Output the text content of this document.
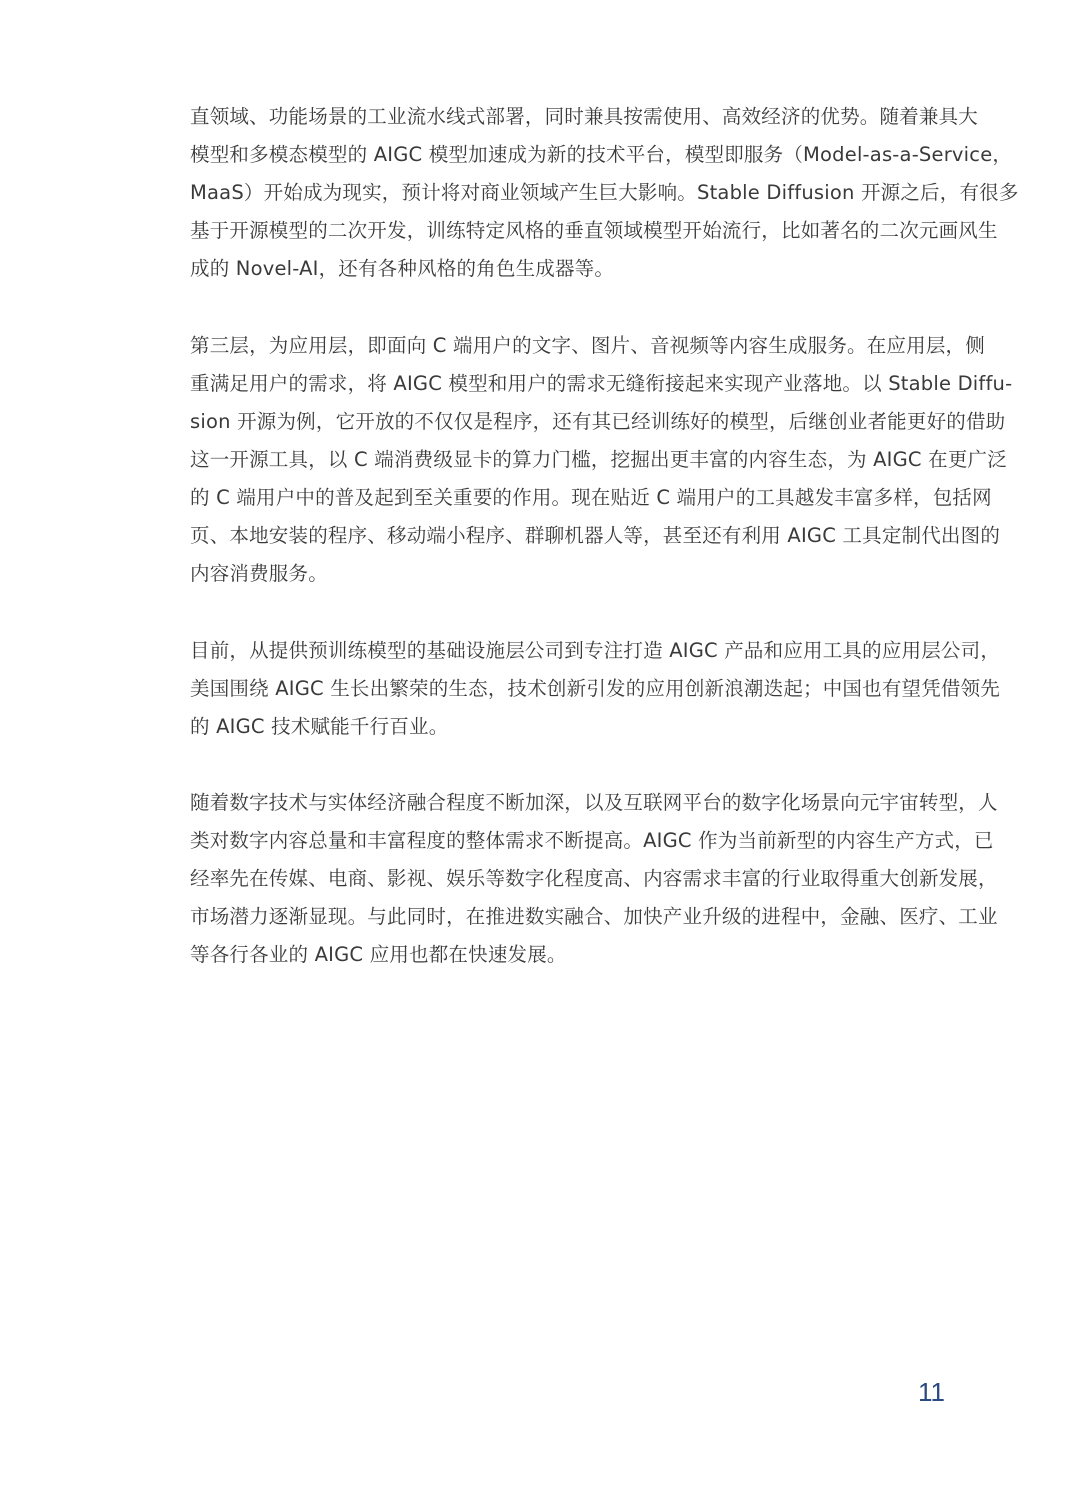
直领域、功能场景的工业流水线式部署，同时兼具按需使用、高效经济的优势。随着兼具大
模型和多模态模型的 AIGC 模型加速成为新的技术平台，模型即服务（Model-as-a-Service，
MaaS）开始成为现实，预计将对商业领域产生巨大影响。Stable Diffusion 开源之后，有很多
基于开源模型的二次开发，训练特定风格的垂直领域模型开始流行，比如著名的二次元画风生
成的 Novel-AI，还有各种风格的角色生成器等。
第三层，为应用层，即面向 C 端用户的文字、图片、音视频等内容生成服务。在应用层，侧
重满足用户的需求，将 AIGC 模型和用户的需求无缝衔接起来实现产业落地。以 Stable Diffu-
sion 开源为例，它开放的不仅仅是程序，还有其已经训练好的模型，后继创业者能更好的借助
这一开源工具，以 C 端消费级显卡的算力门槛，挖掘出更丰富的内容生态，为 AIGC 在更广泛
的 C 端用户中的普及起到至关重要的作用。现在贴近 C 端用户的工具越发丰富多样，包括网
页、本地安装的程序、移动端小程序、群聊机器人等，甚至还有利用 AIGC 工具定制代出图的
内容消费服务。
目前，从提供预训练模型的基础设施层公司到专注打造 AIGC 产品和应用工具的应用层公司，
美国围绕 AIGC 生长出繁荣的生态，技术创新引发的应用创新浪潮迭起；中国也有望凭借领先
的 AIGC 技术赋能千行百业。
随着数字技术与实体经济融合程度不断加深，以及互联网平台的数字化场景向元宇宙转型，人
类对数字内容总量和丰富程度的整体需求不断提高。AIGC 作为当前新型的内容生产方式，已
经率先在传媒、电商、影视、娱乐等数字化程度高、内容需求丰富的行业取得重大创新发展，
市场潜力逐渐显现。与此同时，在推进数实融合、加快产业升级的进程中，金融、医疗、工业
等各行各业的 AIGC 应用也都在快速发展。
11
